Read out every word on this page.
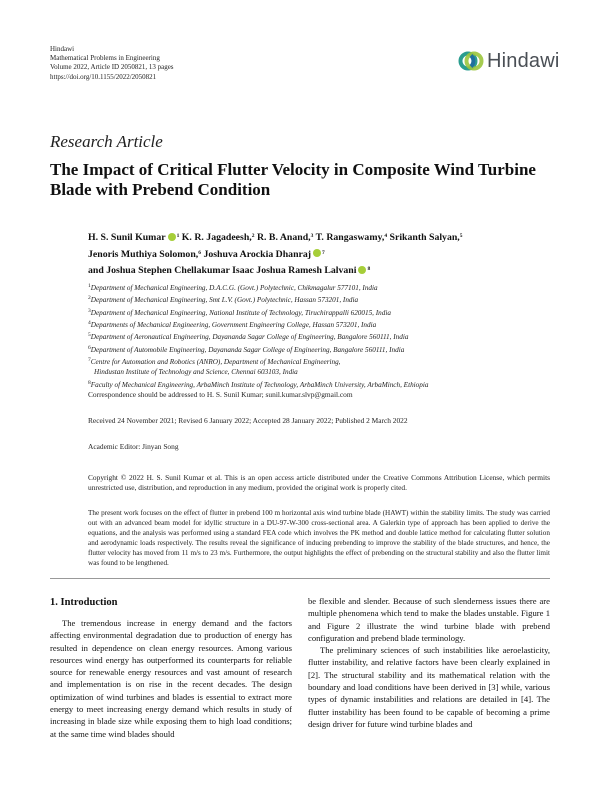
Hindawi
Mathematical Problems in Engineering
Volume 2022, Article ID 2050821, 13 pages
https://doi.org/10.1155/2022/2050821
Hindawi
Research Article
The Impact of Critical Flutter Velocity in Composite Wind Turbine Blade with Prebend Condition
H. S. Sunil Kumar $^1$ K. R. Jagadeesh,$^2$ R. B. Anand,$^3$ T. Rangaswamy,$^4$ Srikanth Salyan,$^5$
Jenoris Muthiya Solomon,$^6$ Joshuva Arockia Dhanraj $^7$
and Joshua Stephen Chellakumar Isaac Joshua Ramesh Lalvani $^8$
$^1$Department of Mechanical Engineering, D.A.C.G. (Govt.) Polytechnic, Chikmagalur 577101, India
$^2$Department of Mechanical Engineering, Smt L.V. (Govt.) Polytechnic, Hassan 573201, India
$^3$Department of Mechanical Engineering, National Institute of Technology, Tiruchirappalli 620015, India
$^4$Departments of Mechanical Engineering, Government Engineering College, Hassan 573201, India
$^5$Department of Aeronautical Engineering, Dayananda Sagar College of Engineering, Bangalore 560111, India
$^6$Department of Automobile Engineering, Dayananda Sagar College of Engineering, Bangalore 560111, India
$^7$Centre for Automation and Robotics (ANRO), Department of Mechanical Engineering,
Hindustan Institute of Technology and Science, Chennai 603103, India
$^8$Faculty of Mechanical Engineering, ArbaMinch Institute of Technology, ArbaMinch University, ArbaMinch, Ethiopia
Correspondence should be addressed to H. S. Sunil Kumar; sunil.kumar.slvp@gmail.com
Received 24 November 2021; Revised 6 January 2022; Accepted 28 January 2022; Published 2 March 2022
Academic Editor: Jinyan Song
Copyright © 2022 H. S. Sunil Kumar et al. This is an open access article distributed under the Creative Commons Attribution License, which permits unrestricted use, distribution, and reproduction in any medium, provided the original work is properly cited.
The present work focuses on the effect of flutter in prebend 100 m horizontal axis wind turbine blade (HAWT) within the stability limits. The study was carried out with an advanced beam model for idyllic structure in a DU-97-W-300 cross-sectional area. A Galerkin type of approach has been applied to derive the equations, and the analysis was performed using a standard FEA code which involves the PK method and double lattice method for calculating flutter solution and aerodynamic loads respectively. The results reveal the significance of inducing prebending to improve the stability of the blade structures, and hence, the flutter velocity has moved from 11 m/s to 23 m/s. Furthermore, the output highlights the effect of prebending on the structural stability and also the flutter limit was found to be lengthened.
1. Introduction

The tremendous increase in energy demand and the factors affecting environmental degradation due to production of energy has resulted in dependence on clean energy resources. Among various resources wind energy has outperformed its counterparts for reliable source for renewable energy resources and vast amount of research and implementation is on rise in the recent decades. The design optimization of wind turbines and blades is essential to extract more energy to meet increasing energy demand which results in study of increasing in blade size while exposing them to high load conditions; at the same time wind blades should

be flexible and slender. Because of such slenderness issues there are multiple phenomena which tend to make the blades unstable. Figure 1 and Figure 2 illustrate the wind turbine blade with prebend configuration and prebend blade terminology.

The preliminary sciences of such instabilities like aeroelasticity, flutter instability, and relative factors have been clearly explained in [2]. The structural stability and its mathematical relation with the boundary and load conditions have been derived in [3] while, various types of dynamic instabilities and relations are detailed in [4]. The flutter instability has been found to be capable of becoming a prime design driver for future wind turbine blades and
